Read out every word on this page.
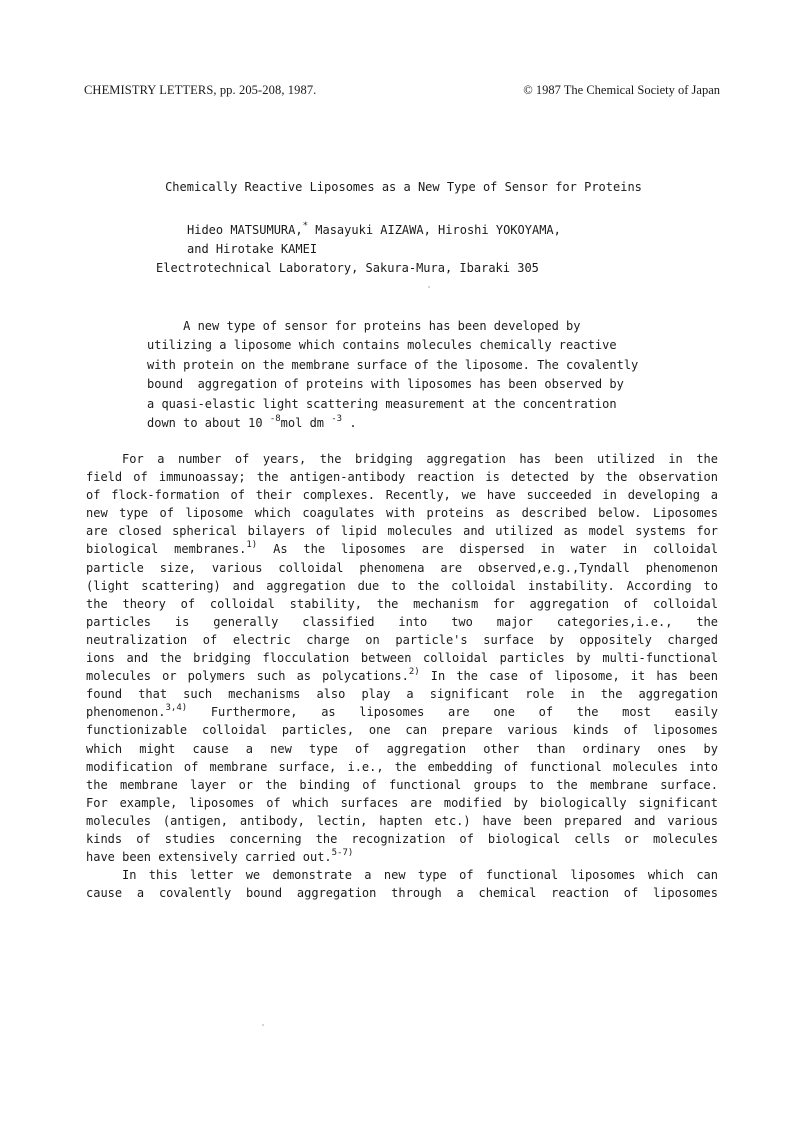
CHEMISTRY LETTERS, pp. 205-208, 1987.	© 1987 The Chemical Society of Japan
Chemically Reactive Liposomes as a New Type of Sensor for Proteins
Hideo MATSUMURA,* Masayuki AIZAWA, Hiroshi YOKOYAMA,
and Hirotake KAMEI
Electrotechnical Laboratory, Sakura-Mura, Ibaraki 305
A new type of sensor for proteins has been developed by
utilizing a liposome which contains molecules chemically reactive
with protein on the membrane surface of the liposome. The covalently
bound  aggregation of proteins with liposomes has been observed by
a quasi-elastic light scattering measurement at the concentration
down to about 10 $^{-8}$mol dm $^{-3}$ .
For a number of years, the bridging aggregation has been utilized in the
field of immunoassay; the antigen-antibody reaction is detected by the observation
of flock-formation of their complexes. Recently, we have succeeded in developing a
new type of liposome which coagulates with proteins as described below. Liposomes
are closed spherical bilayers of lipid molecules and utilized as model systems for
biological membranes.$^{1)}$ As the liposomes are dispersed in water in colloidal
particle size, various colloidal phenomena are observed,e.g.,Tyndall phenomenon
(light scattering) and aggregation due to the colloidal instability. According to
the theory of colloidal stability, the mechanism for aggregation of colloidal
particles is generally classified into two major categories,i.e., the
neutralization of electric charge on particle's surface by oppositely charged
ions and the bridging flocculation between colloidal particles by multi-functional
molecules or polymers such as polycations.$^{2)}$ In the case of liposome, it has been
found that such mechanisms also play a significant role in the aggregation
phenomenon.$^{3,4)}$ Furthermore, as liposomes are one of the most easily
functionizable colloidal particles, one can prepare various kinds of liposomes
which might cause a new type of aggregation other than ordinary ones by
modification of membrane surface, i.e., the embedding of functional molecules into
the membrane layer or the binding of functional groups to the membrane surface.
For example, liposomes of which surfaces are modified by biologically significant
molecules (antigen, antibody, lectin, hapten etc.) have been prepared and various
kinds of studies concerning the recognization of biological cells or molecules
have been extensively carried out.$^{5-7)}$
In this letter we demonstrate a new type of functional liposomes which can
cause a covalently bound aggregation through a chemical reaction of liposomes
